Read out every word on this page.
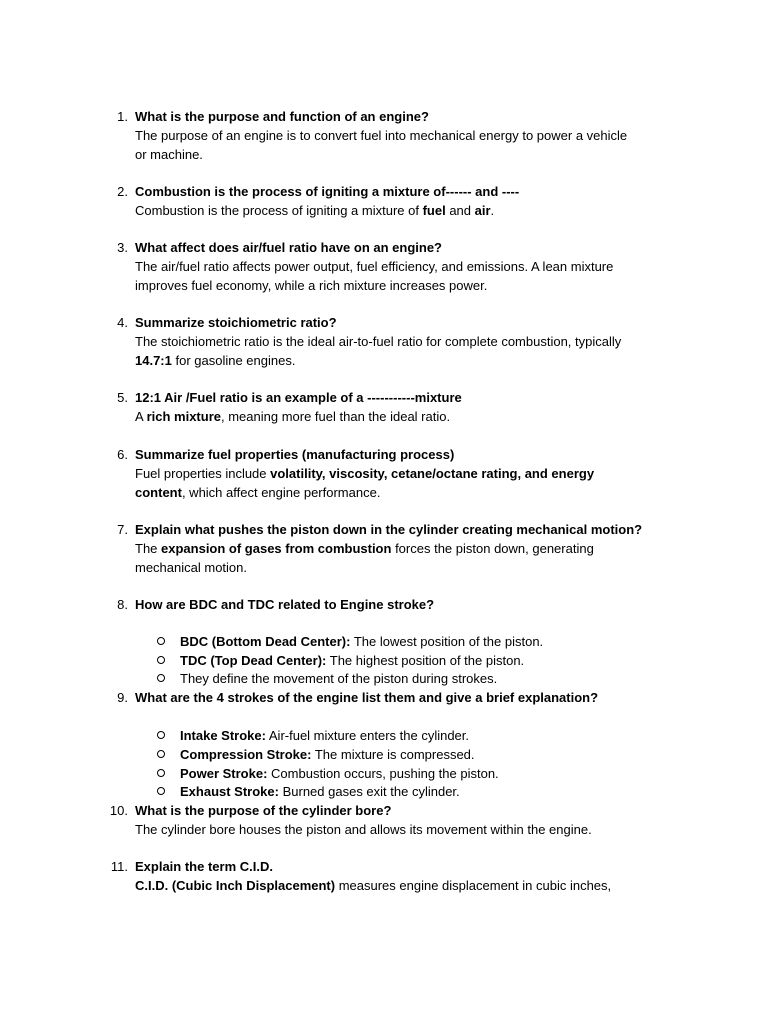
1. What is the purpose and function of an engine?
The purpose of an engine is to convert fuel into mechanical energy to power a vehicle
or machine.
2. Combustion is the process of igniting a mixture of------ and ----
Combustion is the process of igniting a mixture of fuel and air.
3. What affect does air/fuel ratio have on an engine?
The air/fuel ratio affects power output, fuel efficiency, and emissions. A lean mixture
improves fuel economy, while a rich mixture increases power.
4. Summarize stoichiometric ratio?
The stoichiometric ratio is the ideal air-to-fuel ratio for complete combustion, typically
14.7:1 for gasoline engines.
5. 12:1 Air /Fuel ratio is an example of a -----------mixture
A rich mixture, meaning more fuel than the ideal ratio.
6. Summarize fuel properties (manufacturing process)
Fuel properties include volatility, viscosity, cetane/octane rating, and energy
content, which affect engine performance.
7. Explain what pushes the piston down in the cylinder creating mechanical motion?
The expansion of gases from combustion forces the piston down, generating
mechanical motion.
8. How are BDC and TDC related to Engine stroke?
BDC (Bottom Dead Center): The lowest position of the piston.
TDC (Top Dead Center): The highest position of the piston.
They define the movement of the piston during strokes.
9. What are the 4 strokes of the engine list them and give a brief explanation?
Intake Stroke: Air-fuel mixture enters the cylinder.
Compression Stroke: The mixture is compressed.
Power Stroke: Combustion occurs, pushing the piston.
Exhaust Stroke: Burned gases exit the cylinder.
10. What is the purpose of the cylinder bore?
The cylinder bore houses the piston and allows its movement within the engine.
11. Explain the term C.I.D.
C.I.D. (Cubic Inch Displacement) measures engine displacement in cubic inches,
